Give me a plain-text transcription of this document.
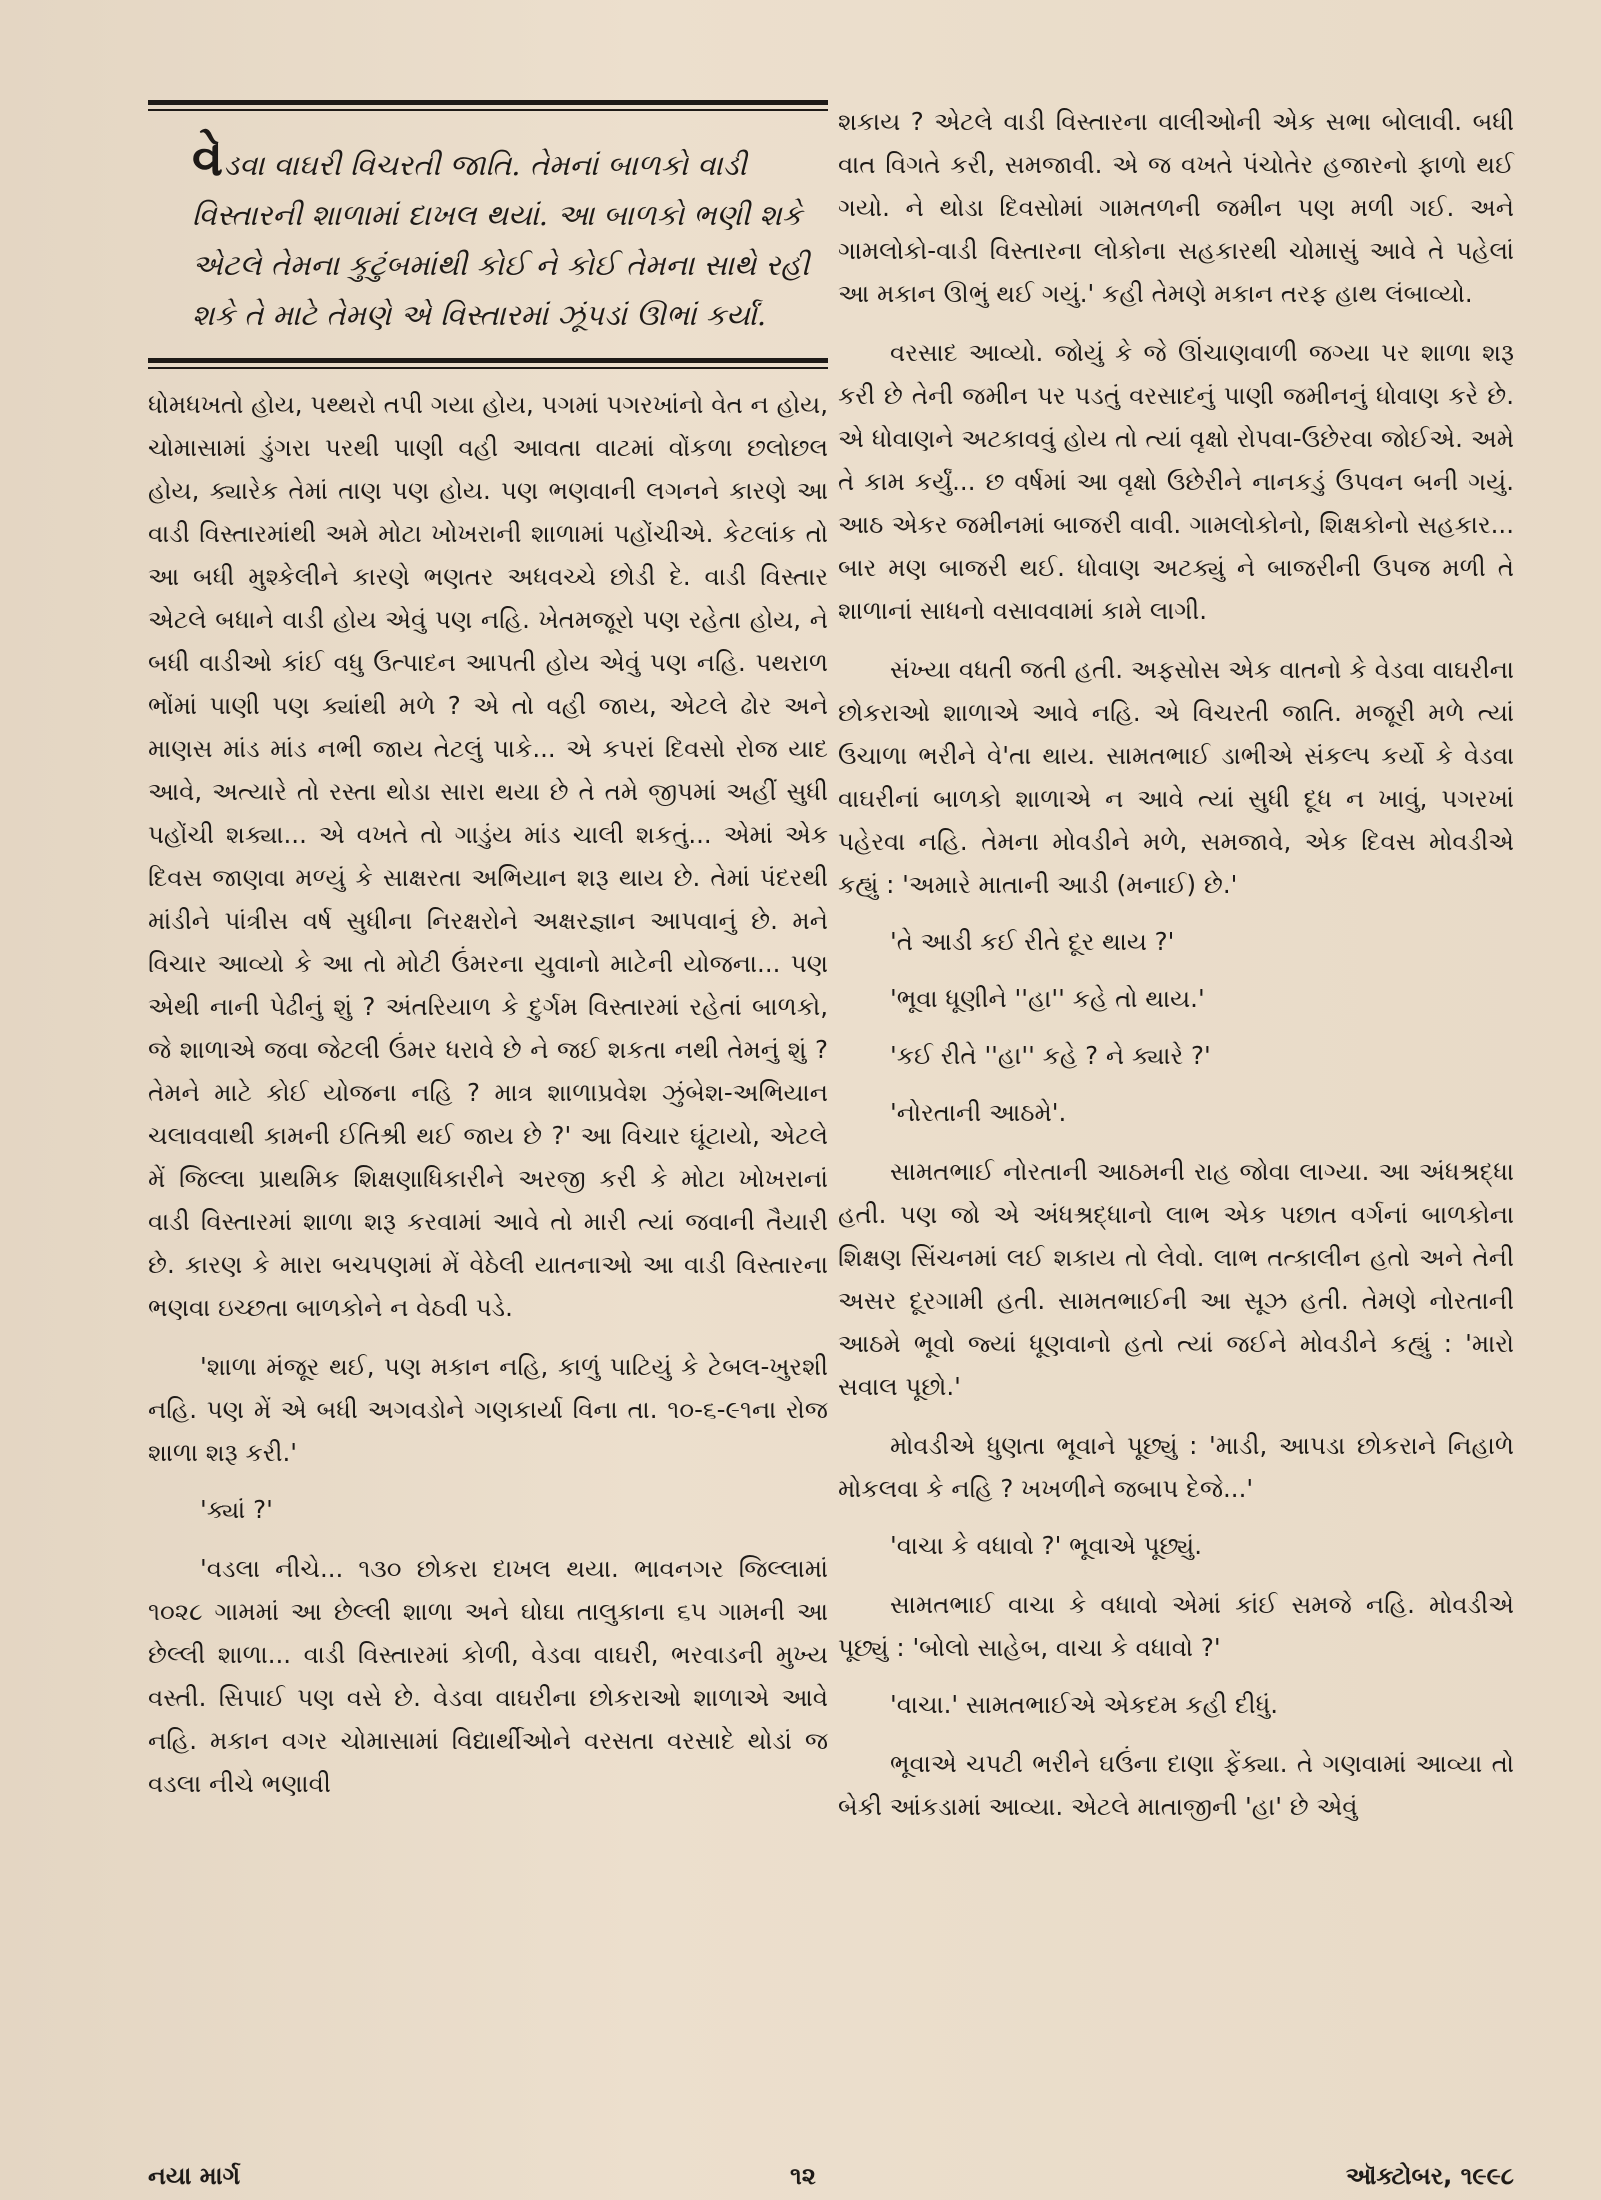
વેડવા વાઘરી વિચરતી જાતિ. તેમનાં બાળકો વાડી વિસ્તારની શાળામાં દાખલ થયાં. આ બાળકો ભણી શકે એટલે તેમના કુટુંબમાંથી કોઈ ને કોઈ તેમના સાથે રહી શકે તે માટે તેમણે એ વિસ્તારમાં ઝૂંપડાં ઊભાં કર્યાં.

ધોમધખતો હોય, પથ્થરો તપી ગયા હોય, પગમાં પગરખાંનો વેત ન હોય, ચોમાસામાં ડુંગરા પરથી પાણી વહી આવતા વાટમાં વોંકળા છલોછલ હોય, ક્યારેક તેમાં તાણ પણ હોય. પણ ભણવાની લગનને કારણે આ વાડી વિસ્તારમાંથી અમે મોટા ખોખરાની શાળામાં પહોંચીએ. કેટલાંક તો આ બધી મુશ્કેલીને કારણે ભણતર અધવચ્ચે છોડી દે. વાડી વિસ્તાર એટલે બધાને વાડી હોય એવું પણ નહિ. ખેતમજૂરો પણ રહેતા હોય, ને બધી વાડીઓ કાંઈ વધુ ઉત્પાદન આપતી હોય એવું પણ નહિ. પથરાળ ભોંમાં પાણી પણ ક્યાંથી મળે ? એ તો વહી જાય, એટલે ઢોર અને માણસ માંડ માંડ નભી જાય તેટલું પાકે... એ કપરાં દિવસો રોજ યાદ આવે, અત્યારે તો રસ્તા થોડા સારા થયા છે તે તમે જીપમાં અહીં સુધી પહોંચી શક્યા... એ વખતે તો ગાડુંય માંડ ચાલી શકતું... એમાં એક દિવસ જાણવા મળ્યું કે સાક્ષરતા અભિયાન શરૂ થાય છે. તેમાં પંદરથી માંડીને પાંત્રીસ વર્ષ સુધીના નિરક્ષરોને અક્ષરજ્ઞાન આપવાનું છે. મને વિચાર આવ્યો કે આ તો મોટી ઉંમરના યુવાનો માટેની યોજના... પણ એથી નાની પેઢીનું શું ? અંતરિયાળ કે દુર્ગમ વિસ્તારમાં રહેતાં બાળકો, જે શાળાએ જવા જેટલી ઉંમર ધરાવે છે ને જઈ શકતા નથી તેમનું શું ? તેમને માટે કોઈ યોજના નહિ ? માત્ર શાળાપ્રવેશ ઝુંબેશ-અભિયાન ચલાવવાથી કામની ઈતિશ્રી થઈ જાય છે ?' આ વિચાર ઘૂંટાયો, એટલે મેં જિલ્લા પ્રાથમિક શિક્ષણાધિકારીને અરજી કરી કે મોટા ખોખરાનાં વાડી વિસ્તારમાં શાળા શરૂ કરવામાં આવે તો મારી ત્યાં જવાની તૈયારી છે. કારણ કે મારા બચપણમાં મેં વેઠેલી યાતનાઓ આ વાડી વિસ્તારના ભણવા ઇચ્છતા બાળકોને ન વેઠવી પડે.

'શાળા મંજૂર થઈ, પણ મકાન નહિ, કાળું પાટિયું કે ટેબલ-ખુરશી નહિ. પણ મેં એ બધી અગવડોને ગણકાર્યા વિના તા. ૧૦-૬-૯૧ના રોજ શાળા શરૂ કરી.'

'ક્યાં ?'

'વડલા નીચે... ૧૩૦ છોકરા દાખલ થયા. ભાવનગર જિલ્લામાં ૧૦૨૮ ગામમાં આ છેલ્લી શાળા અને ઘોઘા તાલુકાના ૬૫ ગામની આ છેલ્લી શાળા... વાડી વિસ્તારમાં કોળી, વેડવા વાઘરી, ભરવાડની મુખ્ય વસ્તી. સિપાઈ પણ વસે છે. વેડવા વાઘરીના છોકરાઓ શાળાએ આવે નહિ. મકાન વગર ચોમાસામાં વિદ્યાર્થીઓને વરસતા વરસાદે થોડાં જ વડલા નીચે ભણાવી

શકાય ? એટલે વાડી વિસ્તારના વાલીઓની એક સભા બોલાવી. બધી વાત વિગતે કરી, સમજાવી. એ જ વખતે પંચોતેર હજારનો ફાળો થઈ ગયો. ને થોડા દિવસોમાં ગામતળની જમીન પણ મળી ગઈ. અને ગામલોકો-વાડી વિસ્તારના લોકોના સહકારથી ચોમાસું આવે તે પહેલાં આ મકાન ઊભું થઈ ગયું.' કહી તેમણે મકાન તરફ હાથ લંબાવ્યો.

વરસાદ આવ્યો. જોયું કે જે ઊંચાણવાળી જગ્યા પર શાળા શરૂ કરી છે તેની જમીન પર પડતું વરસાદનું પાણી જમીનનું ધોવાણ કરે છે. એ ધોવાણને અટકાવવું હોય તો ત્યાં વૃક્ષો રોપવા-ઉછેરવા જોઈએ. અમે તે કામ કર્યું... છ વર્ષમાં આ વૃક્ષો ઉછેરીને નાનકડું ઉપવન બની ગયું. આઠ એકર જમીનમાં બાજરી વાવી. ગામલોકોનો, શિક્ષકોનો સહકાર... બાર મણ બાજરી થઈ. ધોવાણ અટક્યું ને બાજરીની ઉપજ મળી તે શાળાનાં સાધનો વસાવવામાં કામે લાગી.

સંખ્યા વધતી જતી હતી. અફસોસ એક વાતનો કે વેડવા વાઘરીના છોકરાઓ શાળાએ આવે નહિ. એ વિચરતી જાતિ. મજૂરી મળે ત્યાં ઉચાળા ભરીને વે'તા થાય. સામતભાઈ ડાભીએ સંકલ્પ કર્યો કે વેડવા વાઘરીનાં બાળકો શાળાએ ન આવે ત્યાં સુધી દૂધ ન ખાવું, પગરખાં પહેરવા નહિ. તેમના મોવડીને મળે, સમજાવે, એક દિવસ મોવડીએ કહ્યું : 'અમારે માતાની આડી (મનાઈ) છે.'

'તે આડી કઈ રીતે દૂર થાય ?'

'ભૂવા ધૂણીને ''હા'' કહે તો થાય.'

'કઈ રીતે ''હા'' કહે ? ને ક્યારે ?'

'નોરતાની આઠમે'.

સામતભાઈ નોરતાની આઠમની રાહ જોવા લાગ્યા. આ અંધશ્રદ્ધા હતી. પણ જો એ અંધશ્રદ્ધાનો લાભ એક પછાત વર્ગનાં બાળકોના શિક્ષણ સિંચનમાં લઈ શકાય તો લેવો. લાભ તત્કાલીન હતો અને તેની અસર દૂરગામી હતી. સામતભાઈની આ સૂઝ હતી. તેમણે નોરતાની આઠમે ભૂવો જ્યાં ધૂણવાનો હતો ત્યાં જઈને મોવડીને કહ્યું : 'મારો સવાલ પૂછો.'

મોવડીએ ધુણતા ભૂવાને પૂછ્યું : 'માડી, આપડા છોકરાને નિહાળે મોકલવા કે નહિ ? ખખળીને જબાપ દેજે...'

'વાચા કે વધાવો ?' ભૂવાએ પૂછ્યું.

સામતભાઈ વાચા કે વધાવો એમાં કાંઈ સમજે નહિ. મોવડીએ પૂછ્યું : 'બોલો સાહેબ, વાચા કે વધાવો ?'

'વાચા.' સામતભાઈએ એકદમ કહી દીધું.

ભૂવાએ ચપટી ભરીને ઘઉંના દાણા ફેંક્યા. તે ગણવામાં આવ્યા તો બેકી આંકડામાં આવ્યા. એટલે માતાજીની 'હા' છે એવું

નયા માર્ગ	૧૨	ઑક્ટોબર, ૧૯૯૮
